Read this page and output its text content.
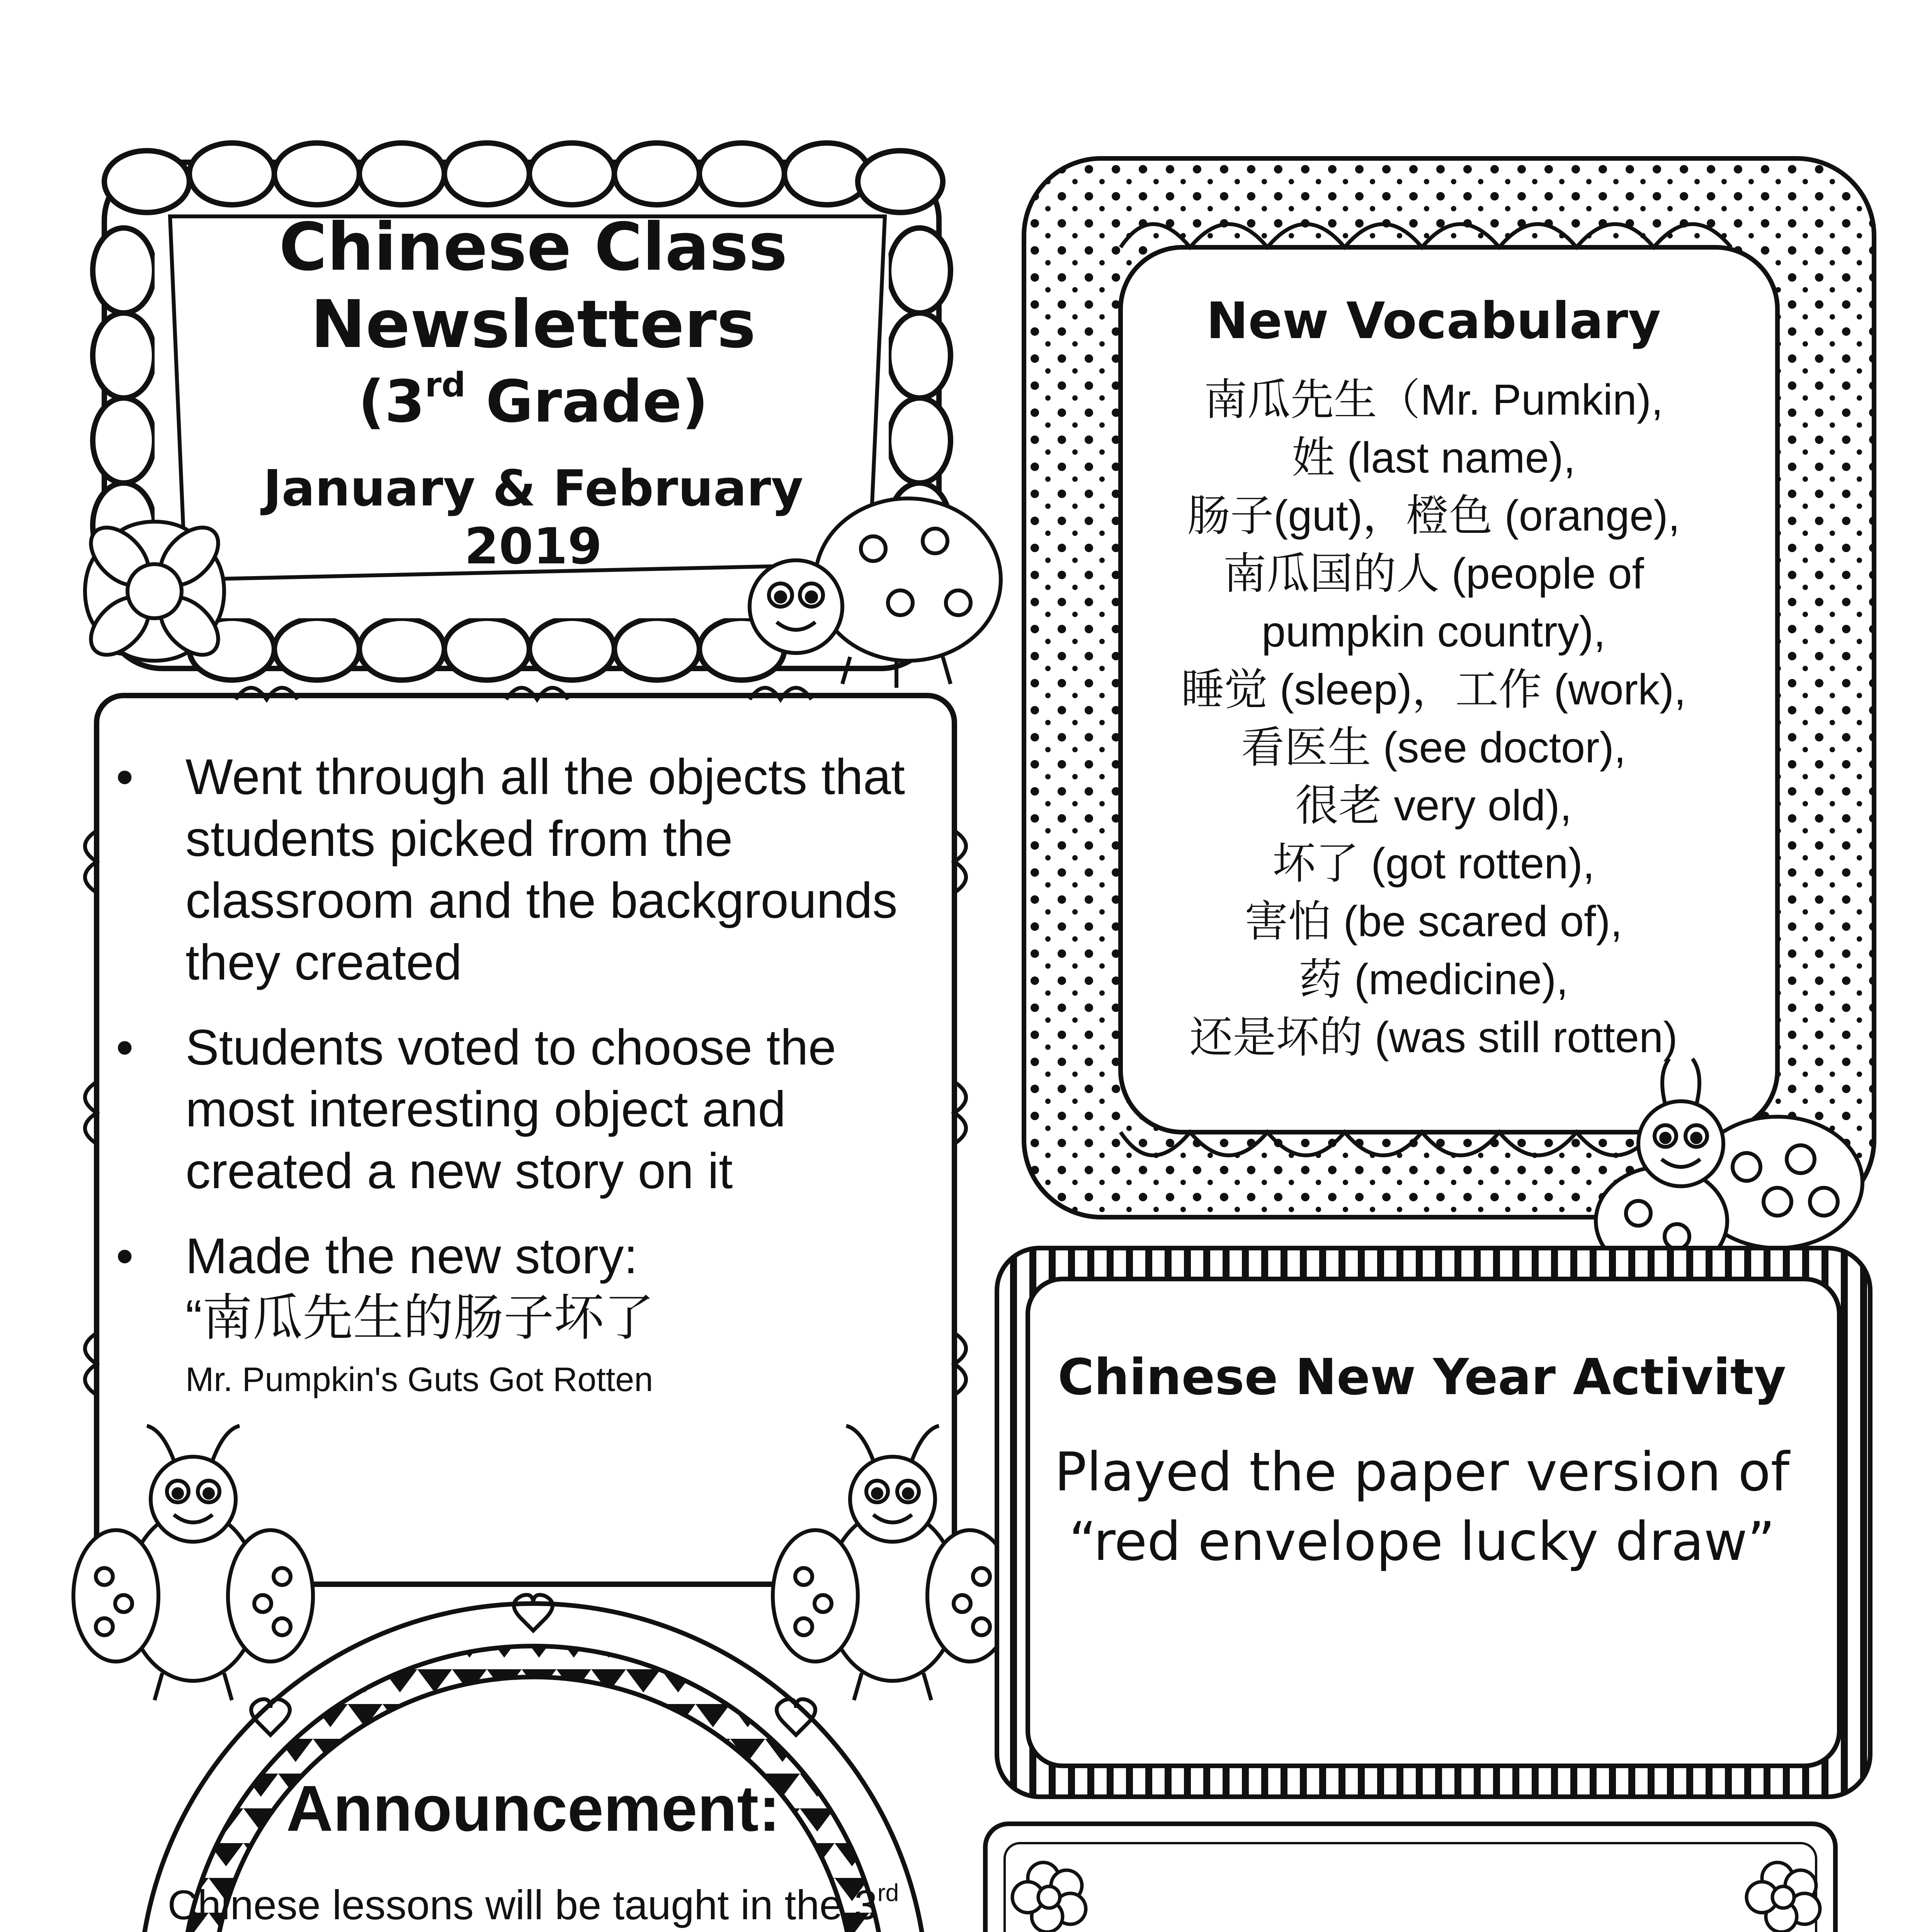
Chinese Class
Newsletters
(3rd Grade)
January & February
2019
New Vocabulary
南瓜先生（Mr. Pumkin),
姓 (last name),
肠子(gut)，橙色 (orange),
南瓜国的人 (people of
pumpkin country),
睡觉 (sleep)，工作 (work),
看医生 (see doctor),
很老 very old),
坏了 (got rotten),
害怕 (be scared of),
药 (medicine),
还是坏的 (was still rotten)
• Went through all the objects that students picked from the classroom and the backgrounds they created
• Students voted to choose the most interesting object and created a new story on it
• Made the new story:
“南瓜先生的肠子坏了
Mr. Pumpkin's Guts Got Rotten	Chinese New Year Activity
Played the paper version of
“red envelope lucky draw”
Announcement:
Chinese lessons will be taught in the 3rd
